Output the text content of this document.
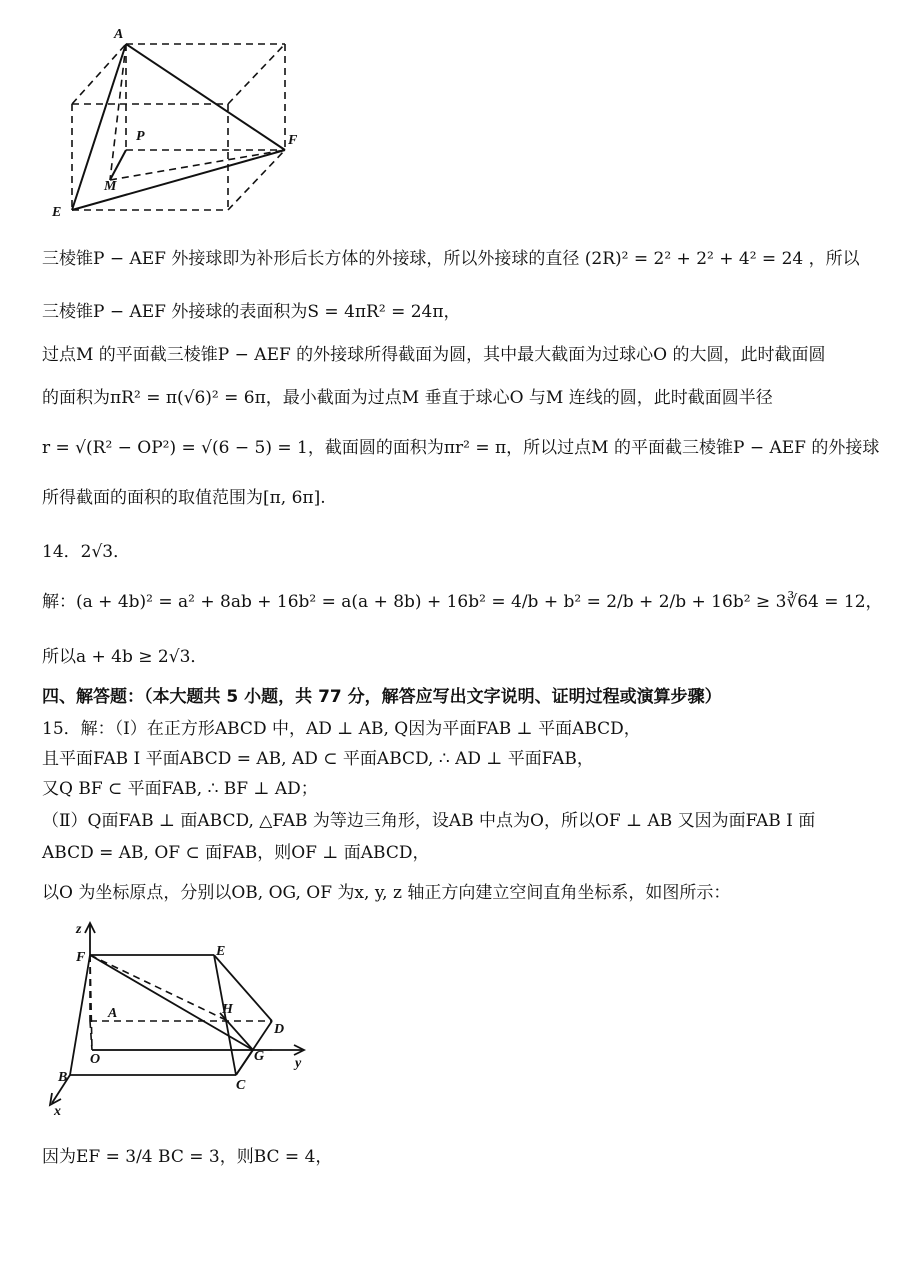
A
P
M
E
F
三棱锥P − AEF 外接球即为补形后长方体的外接球，所以外接球的直径 (2R)² = 2² + 2² + 4² = 24 ，所以
三棱锥P − AEF 外接球的表面积为S = 4πR² = 24π，
过点M 的平面截三棱锥P − AEF 的外接球所得截面为圆，其中最大截面为过球心O 的大圆，此时截面圆
的面积为πR² = π(√6)² = 6π，最小截面为过点M 垂直于球心O 与M 连线的圆，此时截面圆半径
r = √(R² − OP²) = √(6 − 5) = 1，截面圆的面积为πr² = π，所以过点M 的平面截三棱锥P − AEF 的外接球
所得截面的面积的取值范围为[π, 6π].
14．2√3．
解：(a + 4b)² = a² + 8ab + 16b² = a(a + 8b) + 16b² = 4/b + b² = 2/b + 2/b + 16b² ≥ 3∛64 = 12，
所以a + 4b ≥ 2√3．
四、解答题：（本大题共 5 小题，共 77 分，解答应写出文字说明、证明过程或演算步骤）
15．解：（Ⅰ）在正方形ABCD 中，AD ⊥ AB, Q因为平面FAB ⊥ 平面ABCD，
且平面FAB I 平面ABCD = AB, AD ⊂ 平面ABCD, ∴ AD ⊥ 平面FAB，
又Q BF ⊂ 平面FAB, ∴ BF ⊥ AD；
（Ⅱ）Q面FAB ⊥ 面ABCD, △FAB 为等边三角形，设AB 中点为O，所以OF ⊥ AB 又因为面FAB I 面
ABCD = AB, OF ⊂ 面FAB，则OF ⊥ 面ABCD，
以O 为坐标原点，分别以OB, OG, OF 为x, y, z 轴正方向建立空间直角坐标系，如图所示：
z
F	E
A	H
D
O	G y
B
C
x
因为EF = 3/4 BC = 3，则BC = 4，
